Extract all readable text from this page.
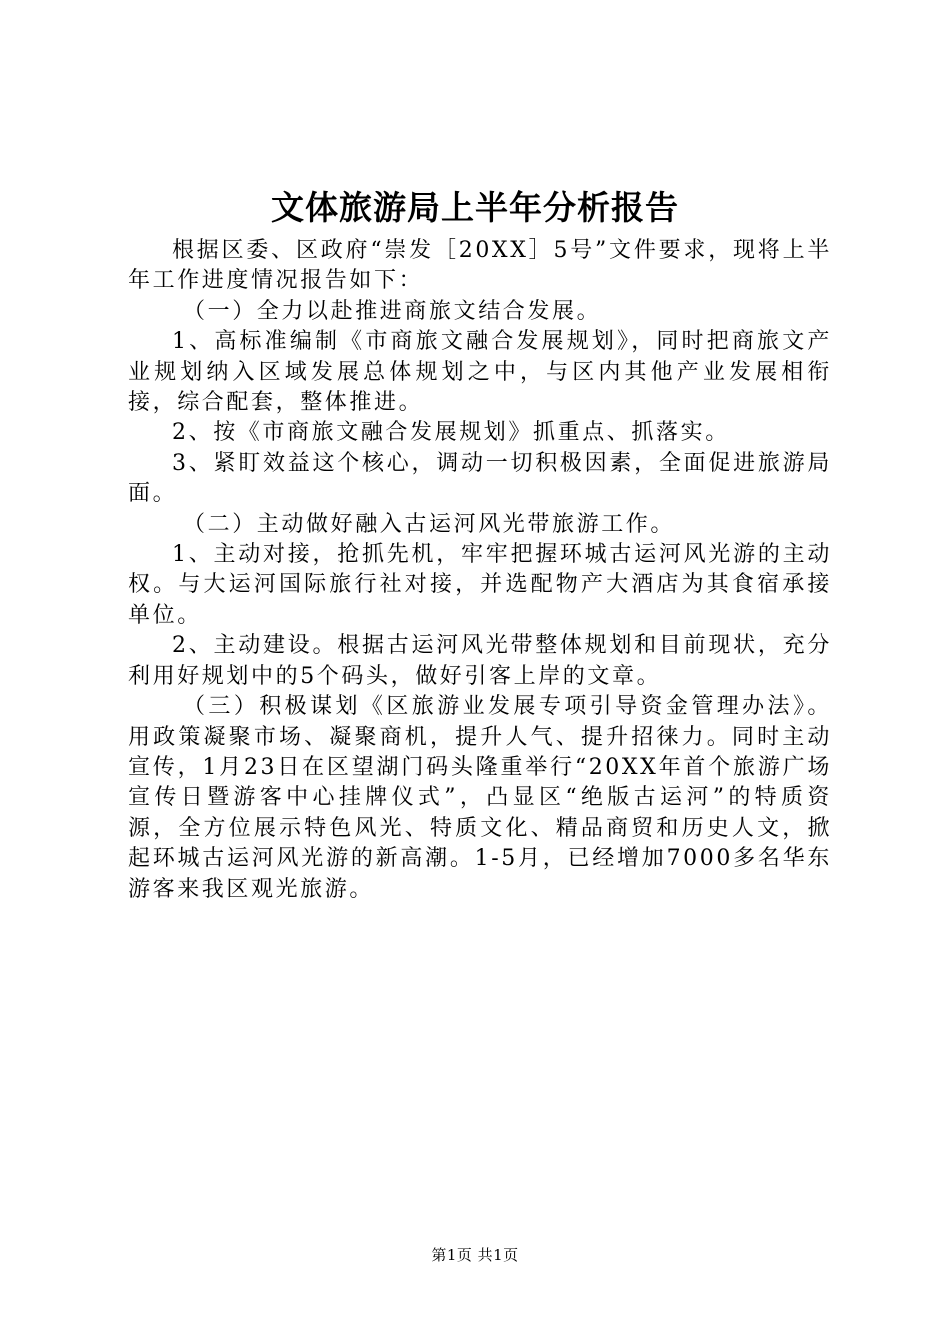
文体旅游局上半年分析报告

根据区委、区政府“崇发［20XX］5号”文件要求，现将上半年工作进度情况报告如下：

（一）全力以赴推进商旅文结合发展。

1、高标准编制《市商旅文融合发展规划》，同时把商旅文产业规划纳入区域发展总体规划之中，与区内其他产业发展相衔接，综合配套，整体推进。

2、按《市商旅文融合发展规划》抓重点、抓落实。

3、紧盯效益这个核心，调动一切积极因素，全面促进旅游局面。

（二）主动做好融入古运河风光带旅游工作。

1、主动对接，抢抓先机，牢牢把握环城古运河风光游的主动权。与大运河国际旅行社对接，并选配物产大酒店为其食宿承接单位。

2、主动建设。根据古运河风光带整体规划和目前现状，充分利用好规划中的5个码头，做好引客上岸的文章。

（三）积极谋划《区旅游业发展专项引导资金管理办法》。用政策凝聚市场、凝聚商机，提升人气、提升招徕力。同时主动宣传，1月23日在区望湖门码头隆重举行“20XX年首个旅游广场宣传日暨游客中心挂牌仪式”，凸显区“绝版古运河”的特质资源，全方位展示特色风光、特质文化、精品商贸和历史人文，掀起环城古运河风光游的新高潮。1-5月，已经增加7000多名华东游客来我区观光旅游。

第1页 共1页
